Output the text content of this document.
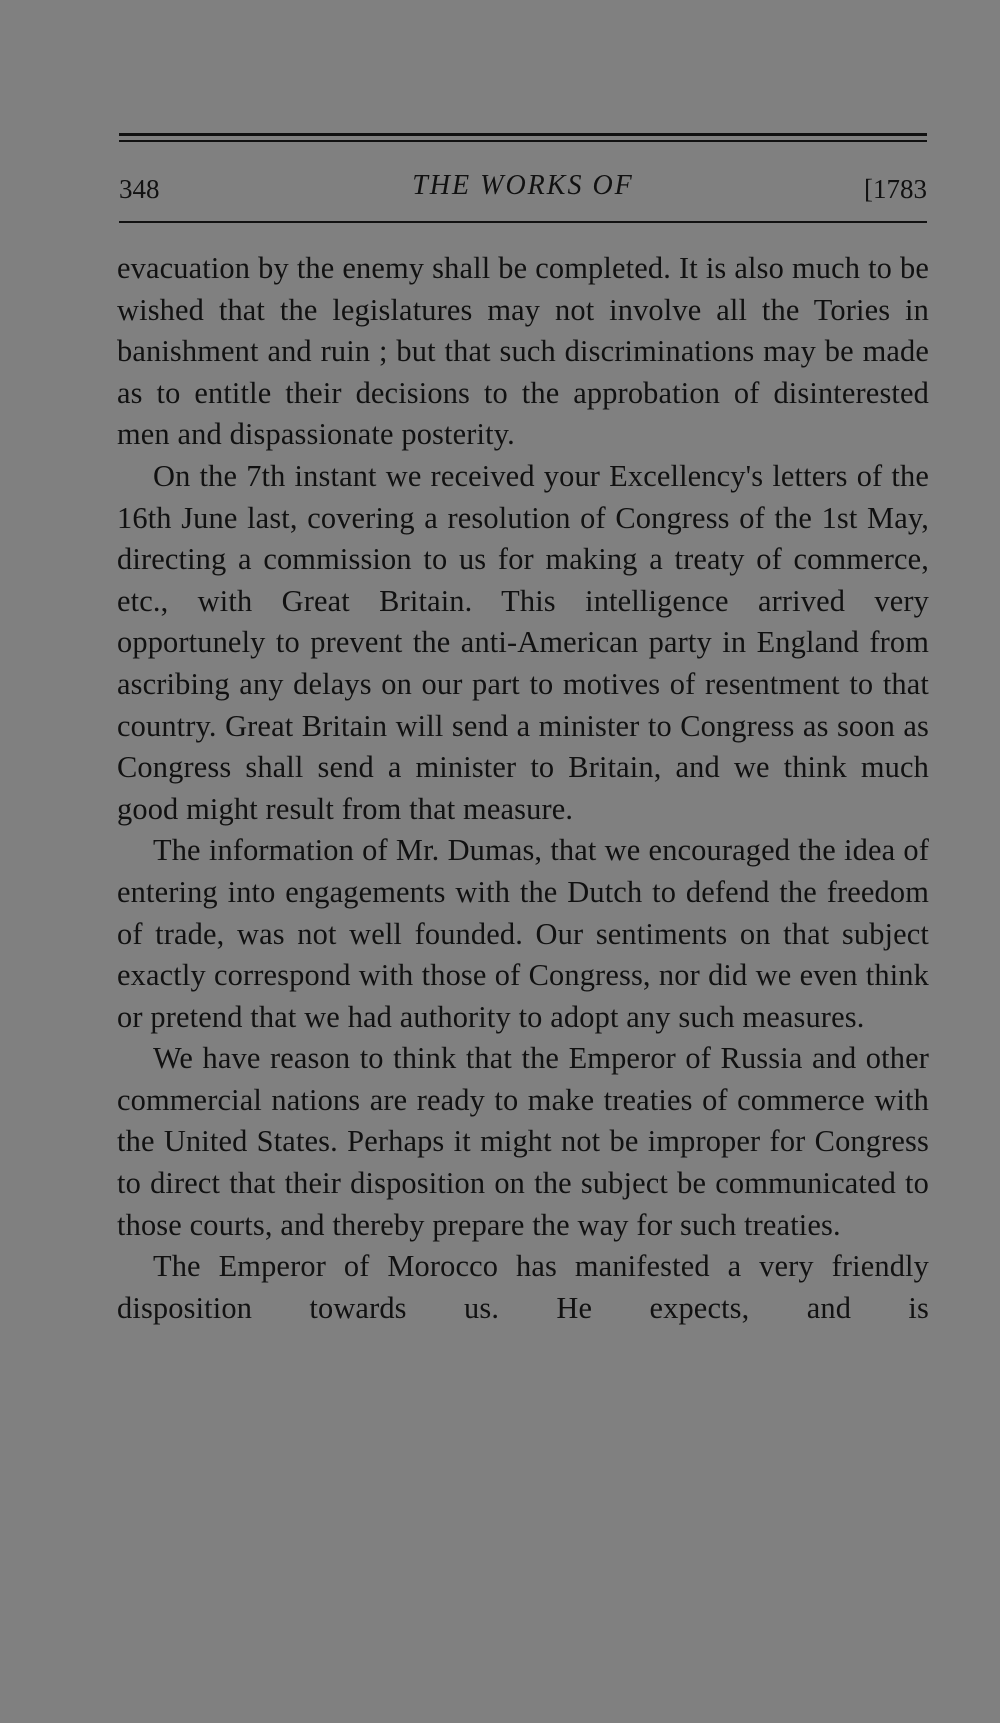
348	THE WORKS OF	[1783

evacuation by the enemy shall be completed. It is also much to be wished that the legislatures may not involve all the Tories in banishment and ruin ; but that such discriminations may be made as to entitle their decisions to the approbation of disinterested men and dispassionate posterity.

On the 7th instant we received your Excellency's letters of the 16th June last, covering a resolution of Congress of the 1st May, directing a commission to us for making a treaty of commerce, etc., with Great Britain. This intelligence arrived very opportunely to prevent the anti-American party in England from ascribing any delays on our part to motives of resentment to that country. Great Britain will send a minister to Congress as soon as Congress shall send a minister to Britain, and we think much good might result from that measure.

The information of Mr. Dumas, that we encouraged the idea of entering into engagements with the Dutch to defend the freedom of trade, was not well founded. Our sentiments on that subject exactly correspond with those of Congress, nor did we even think or pretend that we had authority to adopt any such measures.

We have reason to think that the Emperor of Russia and other commercial nations are ready to make treaties of commerce with the United States. Perhaps it might not be improper for Congress to direct that their disposition on the subject be communicated to those courts, and thereby prepare the way for such treaties.

The Emperor of Morocco has manifested a very friendly disposition towards us. He expects, and is
